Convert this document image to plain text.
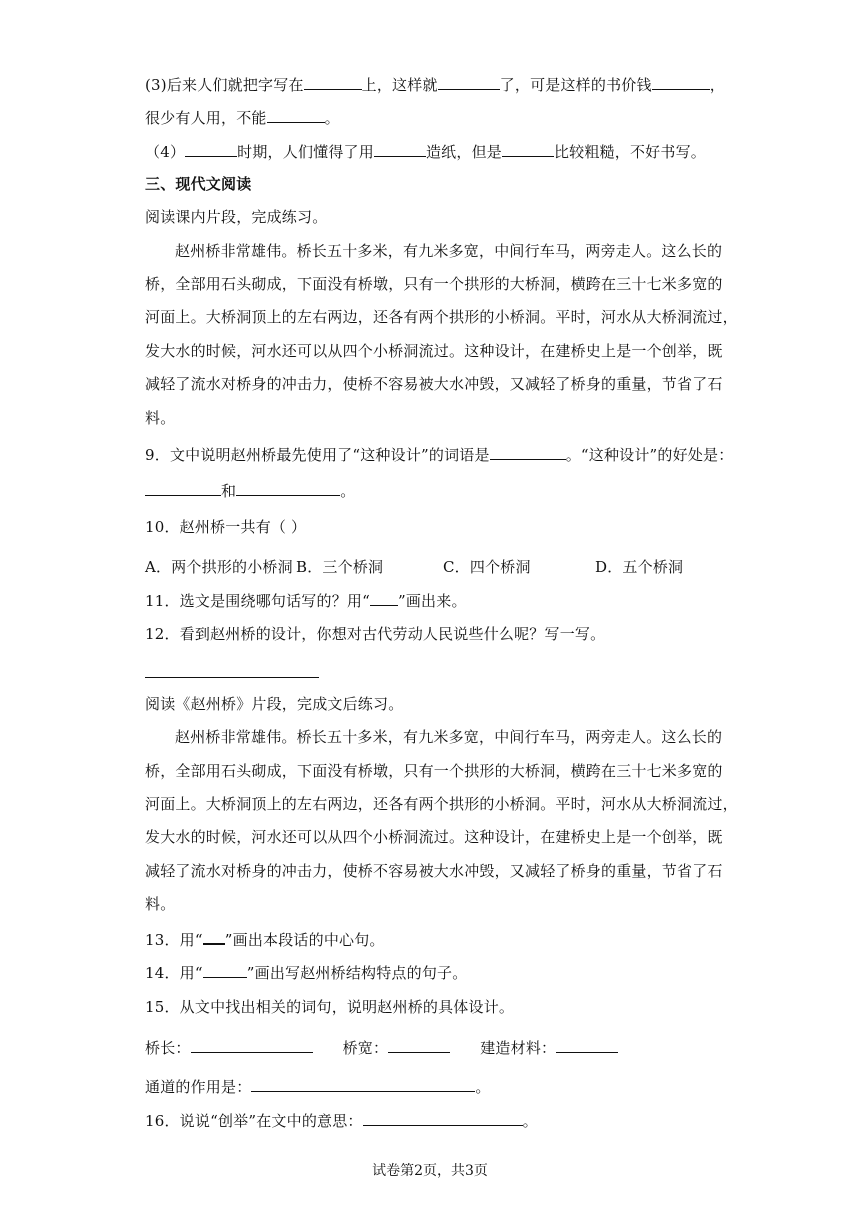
(3)后来人们就把字写在	上，这样就	了，可是这样的书价钱	，
很少有人用，不能	。
（4）	时期，人们懂得了用	造纸，但是	比较粗糙，不好书写。
三、现代文阅读
阅读课内片段，完成练习。
赵州桥非常雄伟。桥长五十多米，有九米多宽，中间行车马，两旁走人。这么长的
桥，全部用石头砌成，下面没有桥墩，只有一个拱形的大桥洞，横跨在三十七米多宽的
河面上。大桥洞顶上的左右两边，还各有两个拱形的小桥洞。平时，河水从大桥洞流过，
发大水的时候，河水还可以从四个小桥洞流过。这种设计，在建桥史上是一个创举，既
减轻了流水对桥身的冲击力，使桥不容易被大水冲毁，又减轻了桥身的重量，节省了石
料。
9．文中说明赵州桥最先使用了“这种设计”的词语是	。“这种设计”的好处是：
和	。
10．赵州桥一共有（ ）
A．两个拱形的小桥洞 B．三个桥洞	C．四个桥洞	D．五个桥洞
11．选文是围绕哪句话写的？用“ ”画出来。
12．看到赵州桥的设计，你想对古代劳动人民说些什么呢？写一写。
阅读《赵州桥》片段，完成文后练习。
赵州桥非常雄伟。桥长五十多米，有九米多宽，中间行车马，两旁走人。这么长的
桥，全部用石头砌成，下面没有桥墩，只有一个拱形的大桥洞，横跨在三十七米多宽的
河面上。大桥洞顶上的左右两边，还各有两个拱形的小桥洞。平时，河水从大桥洞流过，
发大水的时候，河水还可以从四个小桥洞流过。这种设计，在建桥史上是一个创举，既
减轻了流水对桥身的冲击力，使桥不容易被大水冲毁，又减轻了桥身的重量，节省了石
料。
13．用“ ”画出本段话的中心句。
14．用“	”画出写赵州桥结构特点的句子。
15．从文中找出相关的词句，说明赵州桥的具体设计。
桥长：	桥宽：	建造材料：
通道的作用是：	。
16．说说“创举”在文中的意思：	。
试卷第2页，共3页
